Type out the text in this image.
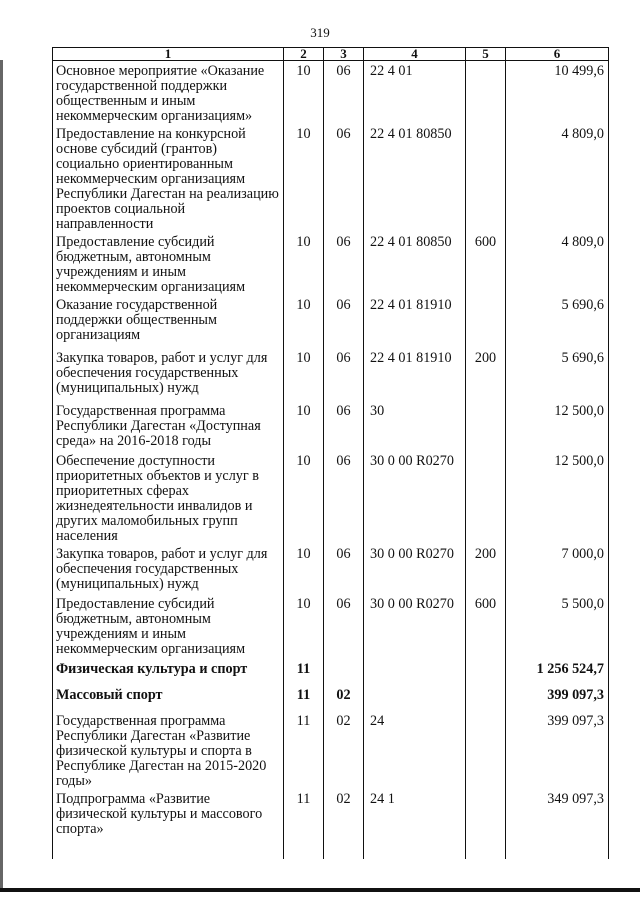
319
1	2	3	4	5	6
Основное мероприятие «Оказание государственной поддержки общественным и иным некоммерческим организациям»	10	06	22 4 01		10 499,6
Предоставление на конкурсной основе субсидий (грантов) социально ориентированным некоммерческим организациям Республики Дагестан на реализацию проектов социальной направленности	10	06	22 4 01 80850		4 809,0
Предоставление субсидий бюджетным, автономным учреждениям и иным некоммерческим организациям	10	06	22 4 01 80850	600	4 809,0
Оказание государственной поддержки общественным организациям	10	06	22 4 01 81910		5 690,6
Закупка товаров, работ и услуг для обеспечения государственных (муниципальных) нужд	10	06	22 4 01 81910	200	5 690,6
Государственная программа Республики Дагестан «Доступная среда» на 2016-2018 годы	10	06	30		12 500,0
Обеспечение доступности приоритетных объектов и услуг в приоритетных сферах жизнедеятельности инвалидов и других маломобильных групп населения	10	06	30 0 00 R0270		12 500,0
Закупка товаров, работ и услуг для обеспечения государственных (муниципальных) нужд	10	06	30 0 00 R0270	200	7 000,0
Предоставление субсидий бюджетным, автономным учреждениям и иным некоммерческим организациям	10	06	30 0 00 R0270	600	5 500,0
Физическая культура и спорт	11				1 256 524,7
Массовый спорт	11	02			399 097,3
Государственная программа Республики Дагестан «Развитие физической культуры и спорта в Республике Дагестан на 2015-2020 годы»	11	02	24		399 097,3
Подпрограмма «Развитие физической культуры и массового спорта»	11	02	24 1		349 097,3
